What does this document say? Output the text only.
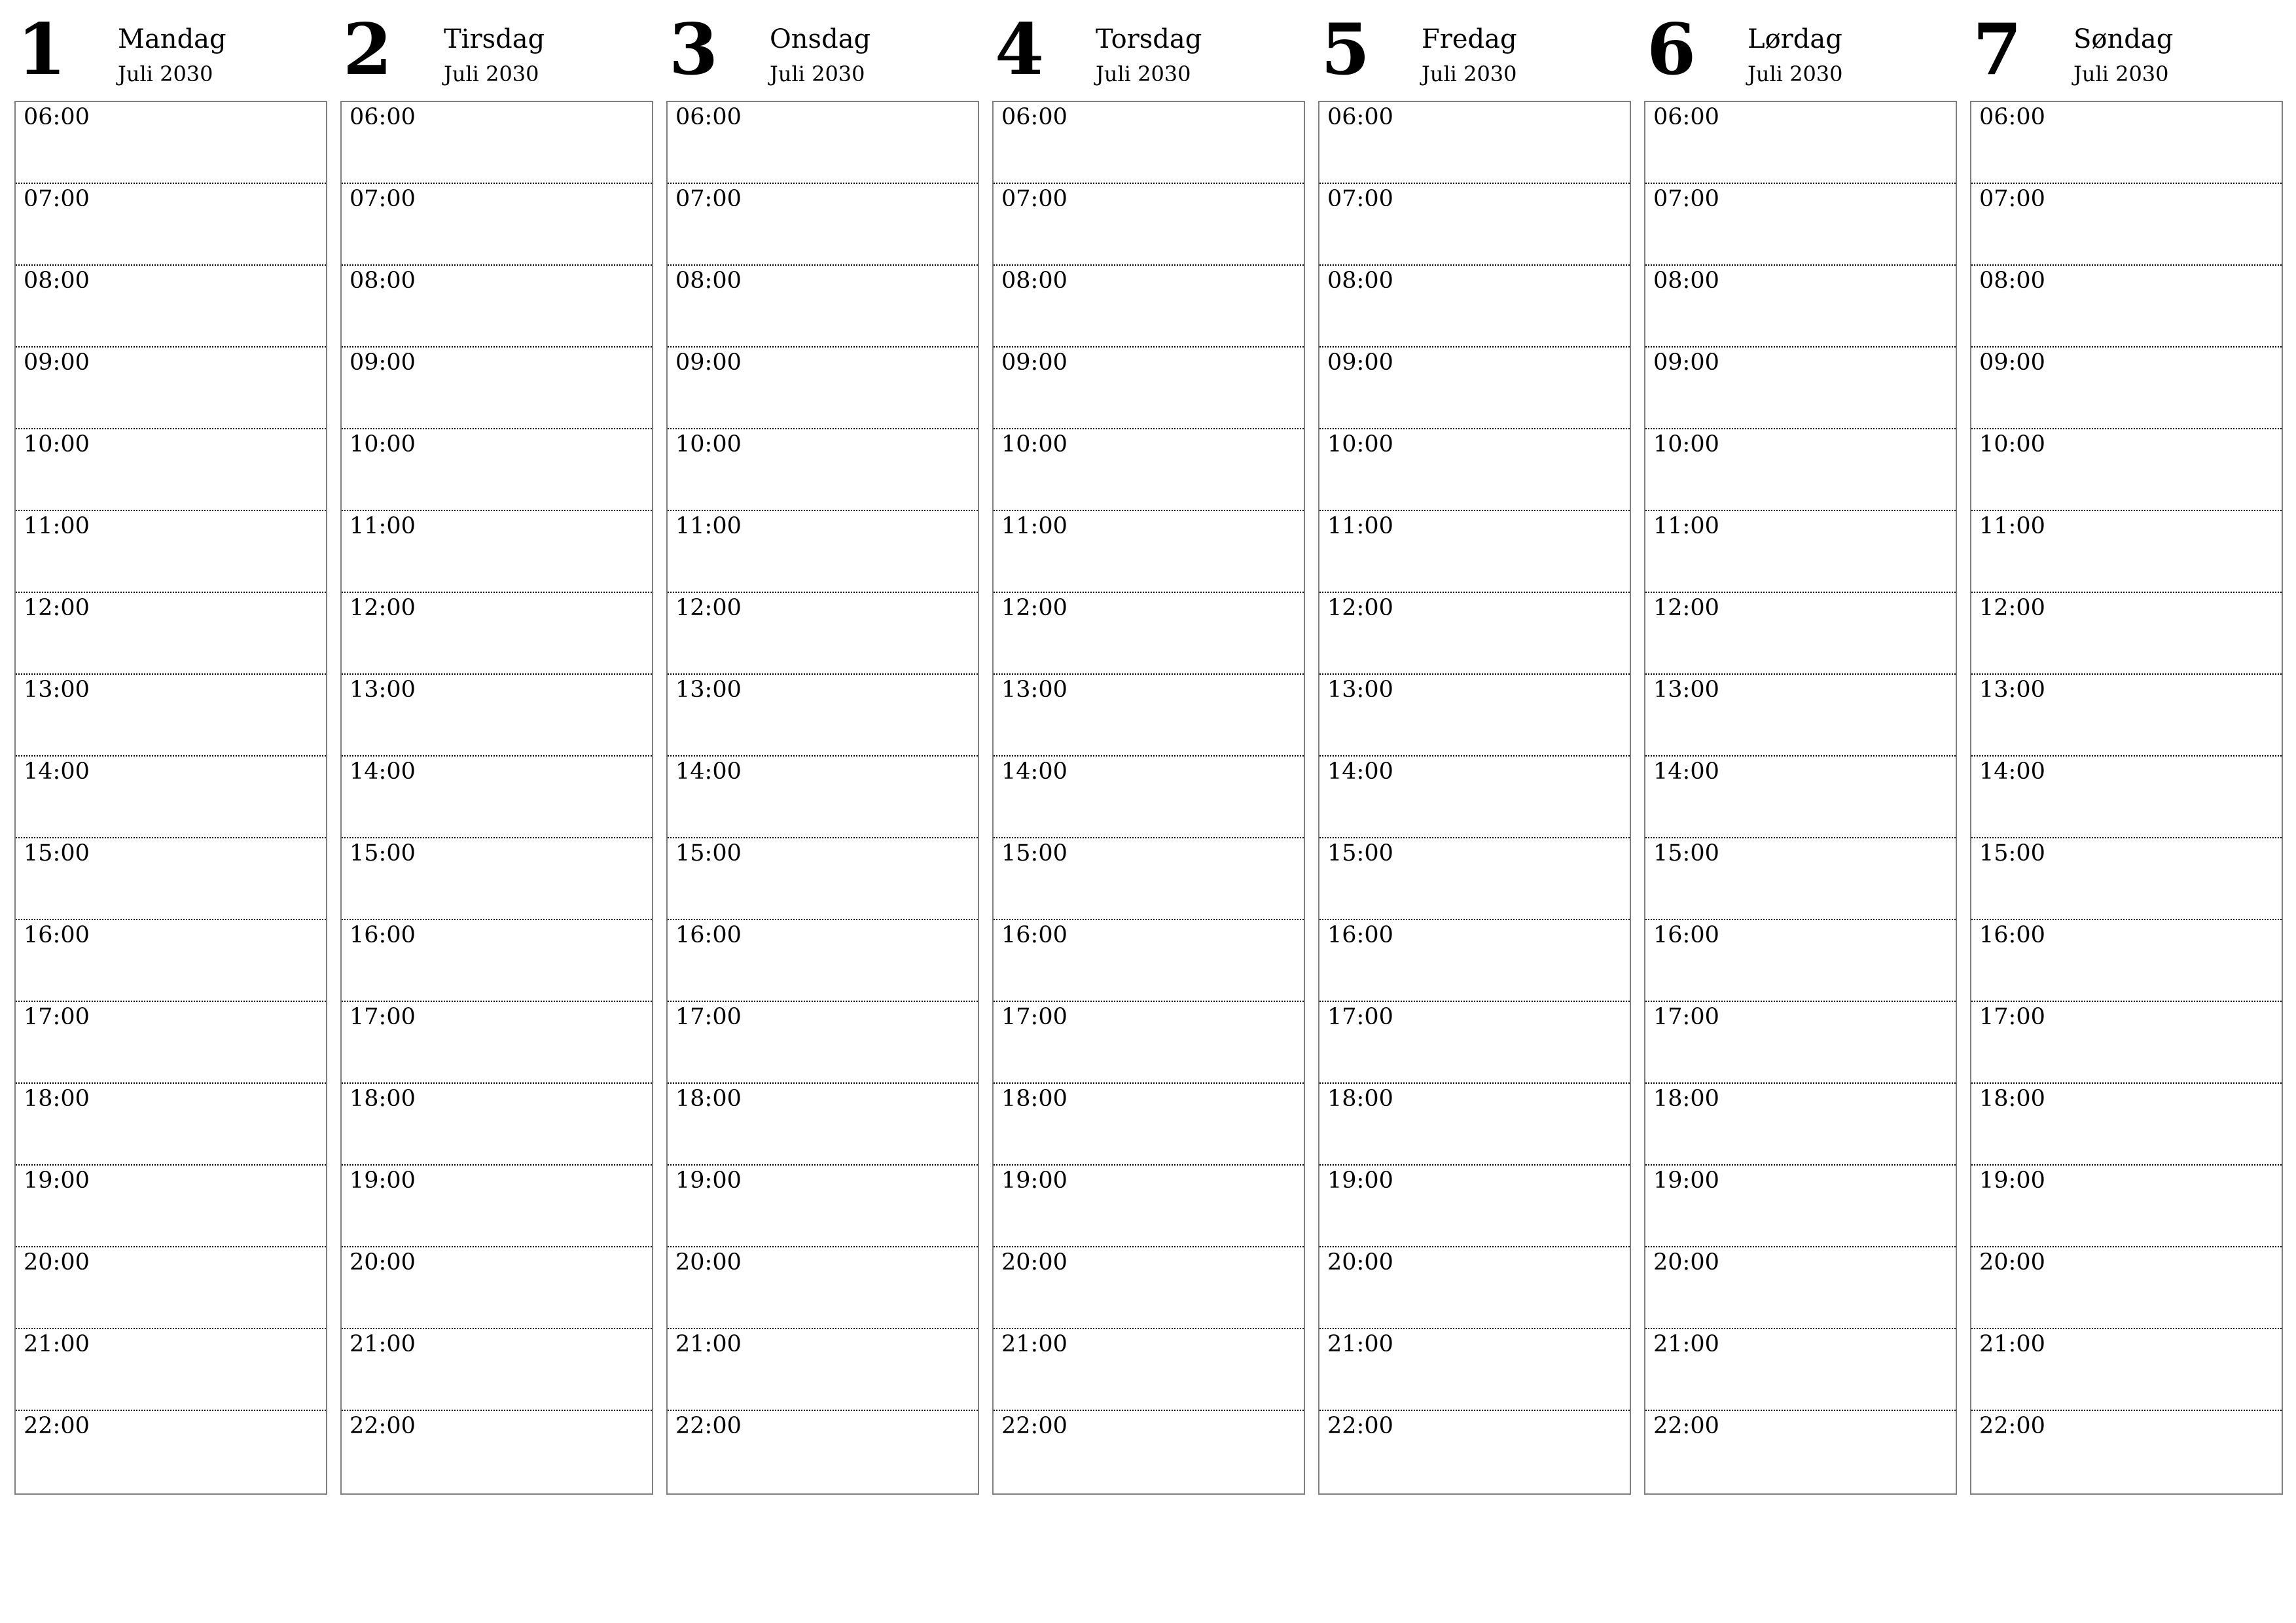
1 Mandag
Juli 2030
06:00
07:00
08:00
09:00
10:00
11:00
12:00
13:00
14:00
15:00
16:00
17:00
18:00
19:00
20:00
21:00
22:00
2 Tirsdag
Juli 2030
06:00
07:00
08:00
09:00
10:00
11:00
12:00
13:00
14:00
15:00
16:00
17:00
18:00
19:00
20:00
21:00
22:00
3 Onsdag
Juli 2030
06:00
07:00
08:00
09:00
10:00
11:00
12:00
13:00
14:00
15:00
16:00
17:00
18:00
19:00
20:00
21:00
22:00
4 Torsdag
Juli 2030
06:00
07:00
08:00
09:00
10:00
11:00
12:00
13:00
14:00
15:00
16:00
17:00
18:00
19:00
20:00
21:00
22:00
5 Fredag
Juli 2030
06:00
07:00
08:00
09:00
10:00
11:00
12:00
13:00
14:00
15:00
16:00
17:00
18:00
19:00
20:00
21:00
22:00
6 Lørdag
Juli 2030
06:00
07:00
08:00
09:00
10:00
11:00
12:00
13:00
14:00
15:00
16:00
17:00
18:00
19:00
20:00
21:00
22:00
7 Søndag
Juli 2030
06:00
07:00
08:00
09:00
10:00
11:00
12:00
13:00
14:00
15:00
16:00
17:00
18:00
19:00
20:00
21:00
22:00
